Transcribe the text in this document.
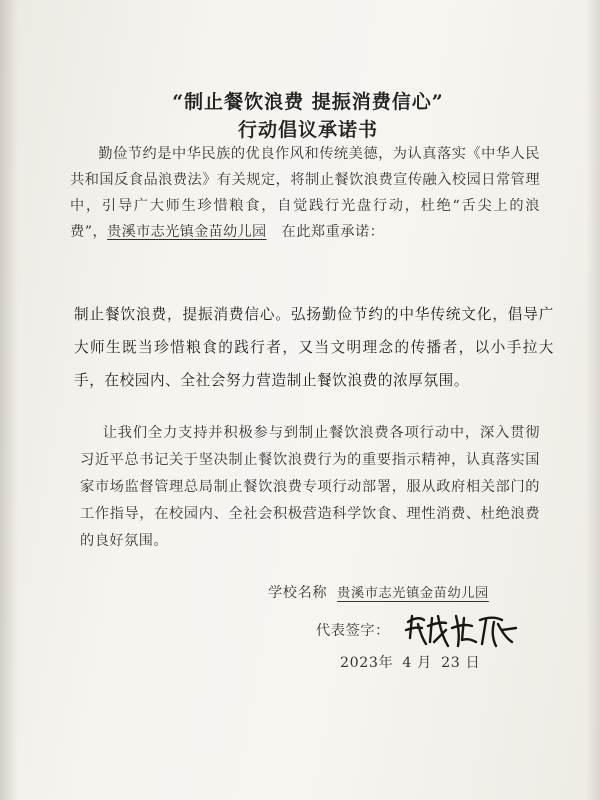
“制止餐饮浪费 提振消费信心”
行动倡议承诺书
勤俭节约是中华民族的优良作风和传统美德，为认真落实《中华人民共和国反食品浪费法》有关规定，将制止餐饮浪费宣传融入校园日常管理中，引导广大师生珍惜粮食，自觉践行光盘行动，杜绝“舌尖上的浪费”，贵溪市志光镇金苗幼儿园 在此郑重承诺：
制止餐饮浪费，提振消费信心。弘扬勤俭节约的中华传统文化，倡导广大师生既当珍惜粮食的践行者，又当文明理念的传播者，以小手拉大手，在校园内、全社会努力营造制止餐饮浪费的浓厚氛围。
让我们全力支持并积极参与到制止餐饮浪费各项行动中，深入贯彻习近平总书记关于坚决制止餐饮浪费行为的重要指示精神，认真落实国家市场监督管理总局制止餐饮浪费专项行动部署，服从政府相关部门的工作指导，在校园内、全社会积极营造科学饮食、理性消费、杜绝浪费的良好氛围。
学校名称 贵溪市志光镇金苗幼儿园
代表签字：
2023年 4 月 23 日
